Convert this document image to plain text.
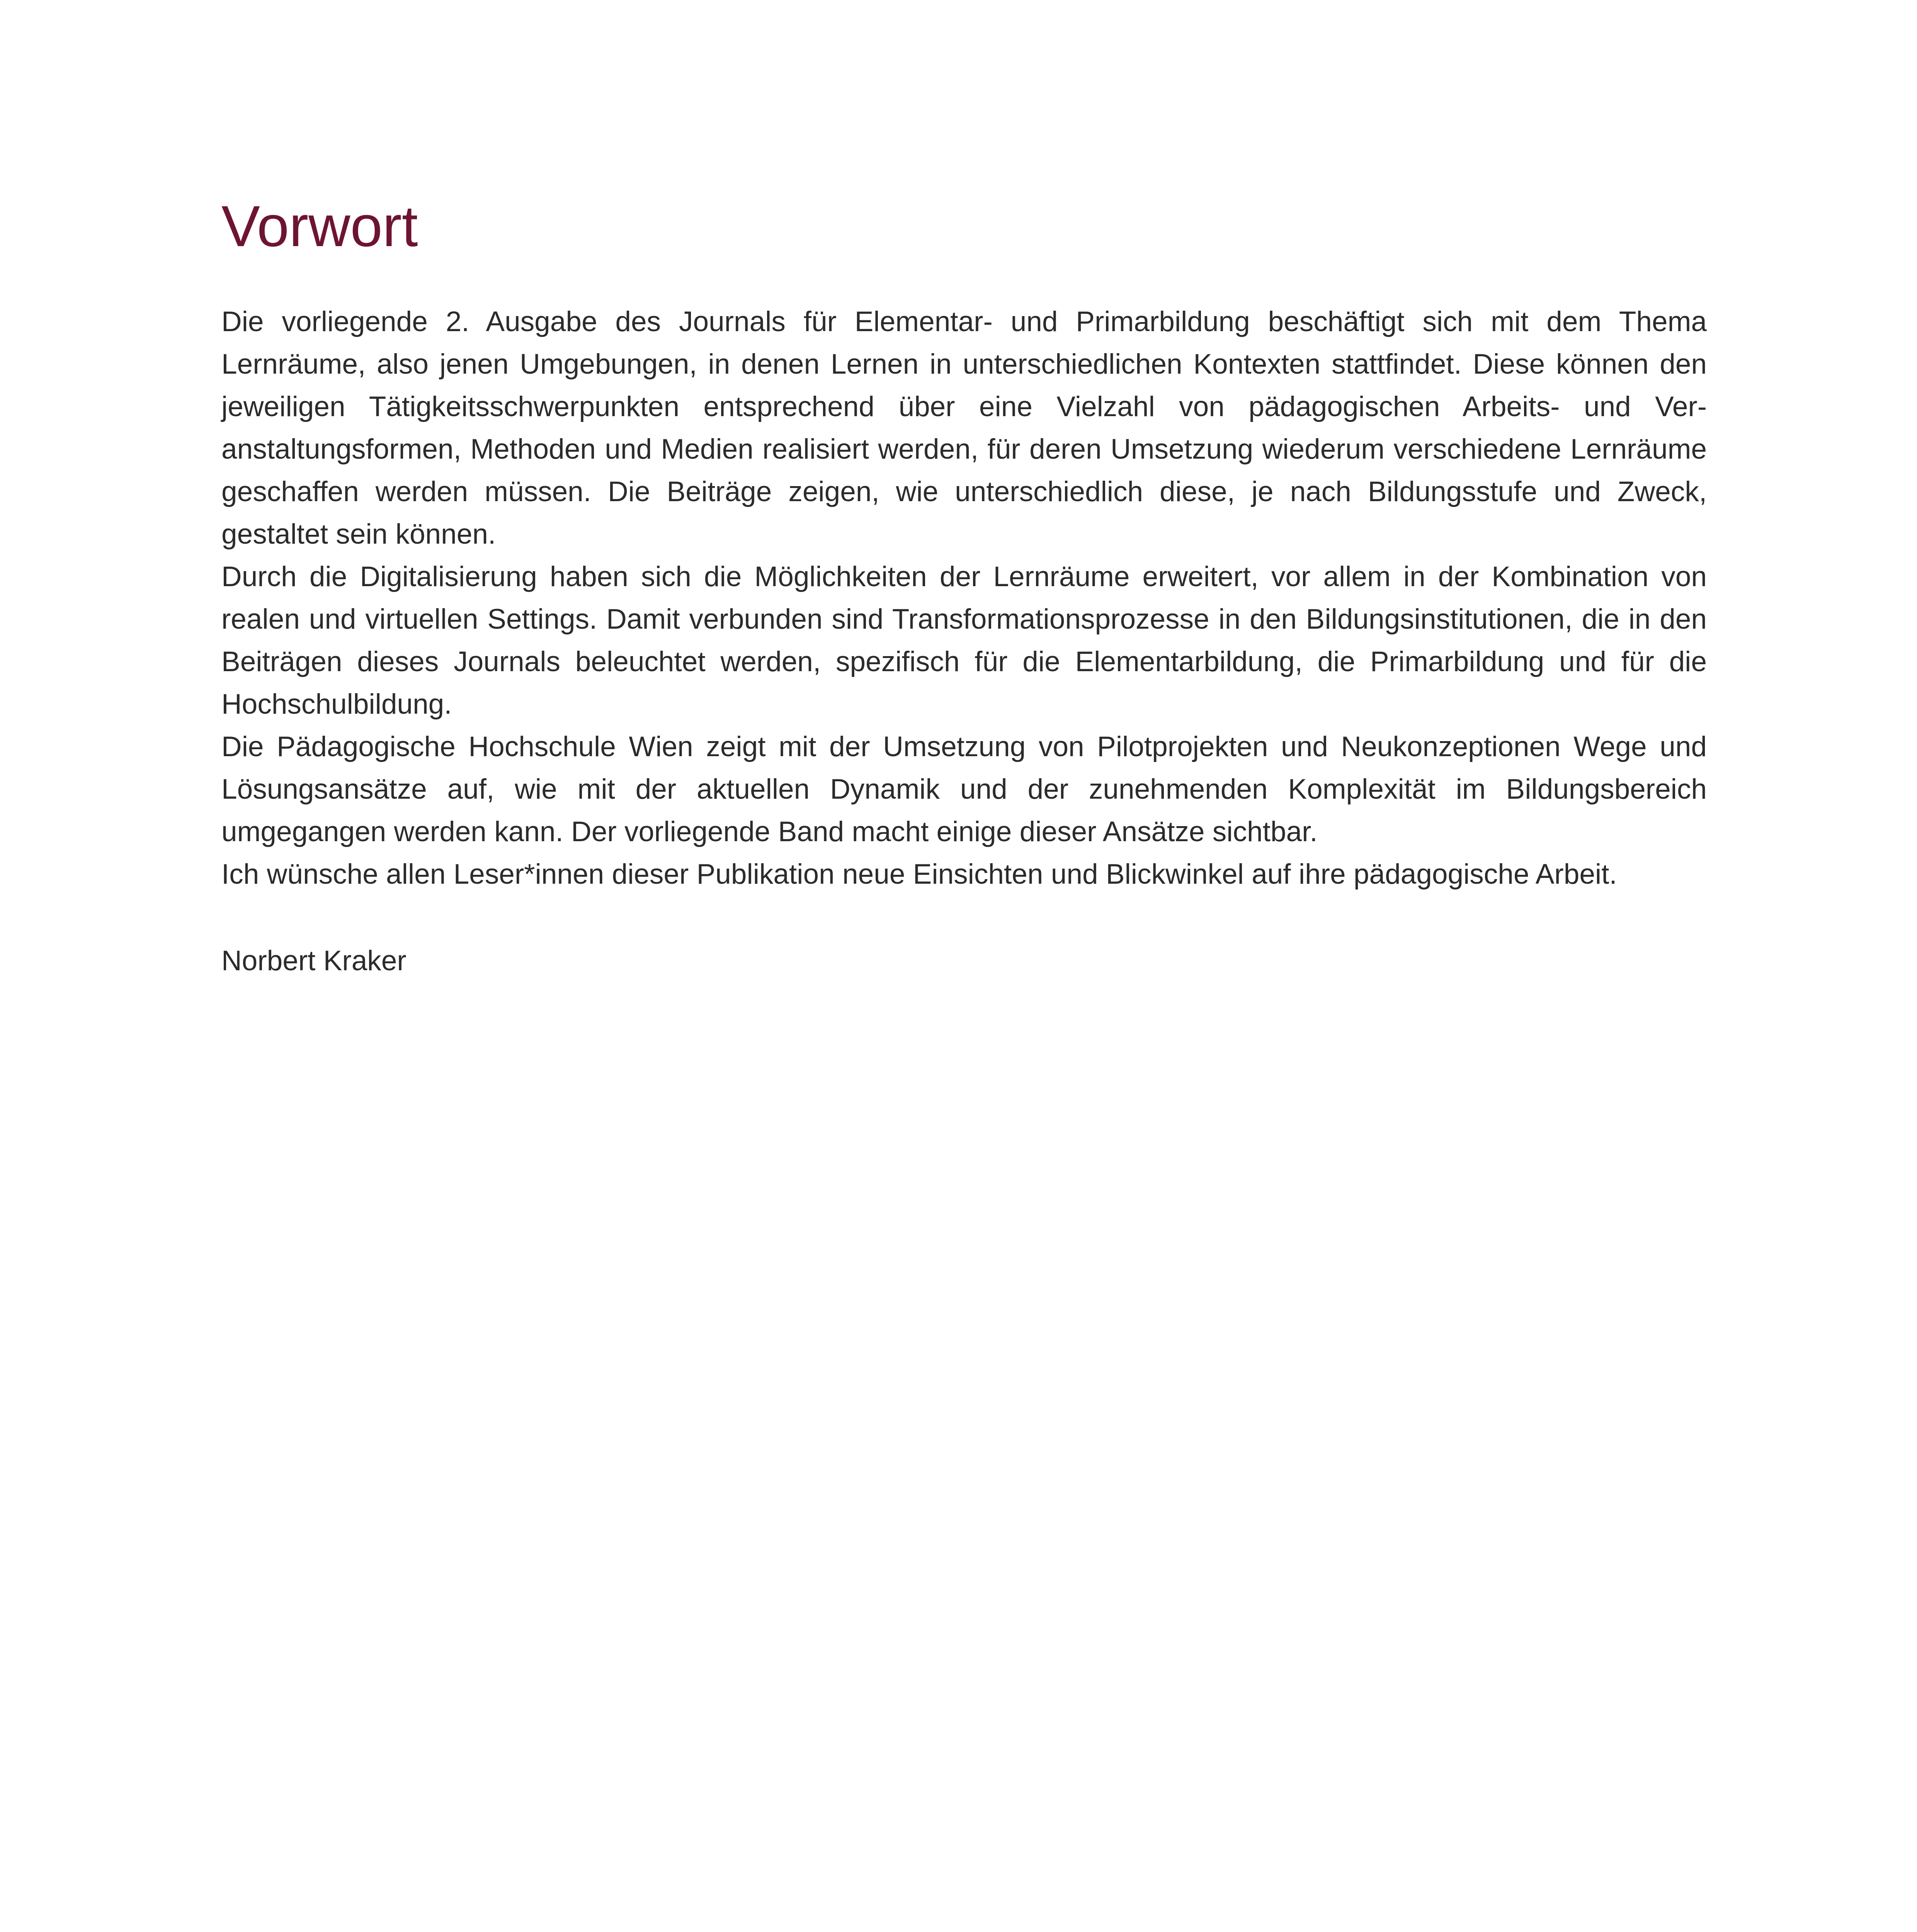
Vorwort

Die vorliegende 2. Ausgabe des Journals für Elementar- und Primarbildung beschäftigt sich mit dem Thema Lernräume, also jenen Umgebungen, in denen Lernen in unterschiedlichen Kontexten stattfindet. Diese können den jeweiligen Tätigkeitsschwerpunkten entsprechend über eine Vielzahl von pädagogischen Arbeits- und Veranstaltungsformen, Methoden und Medien realisiert werden, für deren Umsetzung wiederum verschiedene Lernräume geschaffen werden müssen. Die Beiträge zeigen, wie unterschiedlich diese, je nach Bildungsstufe und Zweck, gestaltet sein können.

Durch die Digitalisierung haben sich die Möglichkeiten der Lernräume erweitert, vor allem in der Kombination von realen und virtuellen Settings. Damit verbunden sind Transformationsprozesse in den Bildungsinstitutionen, die in den Beiträgen dieses Journals beleuchtet werden, spezifisch für die Elementarbildung, die Primarbildung und für die Hochschulbildung.

Die Pädagogische Hochschule Wien zeigt mit der Umsetzung von Pilotprojekten und Neukonzeptionen Wege und Lösungsansätze auf, wie mit der aktuellen Dynamik und der zunehmenden Komplexität im Bildungsbereich umgegangen werden kann. Der vorliegende Band macht einige dieser Ansätze sichtbar.

Ich wünsche allen Leser*innen dieser Publikation neue Einsichten und Blickwinkel auf ihre pädagogische Arbeit.

Norbert Kraker
